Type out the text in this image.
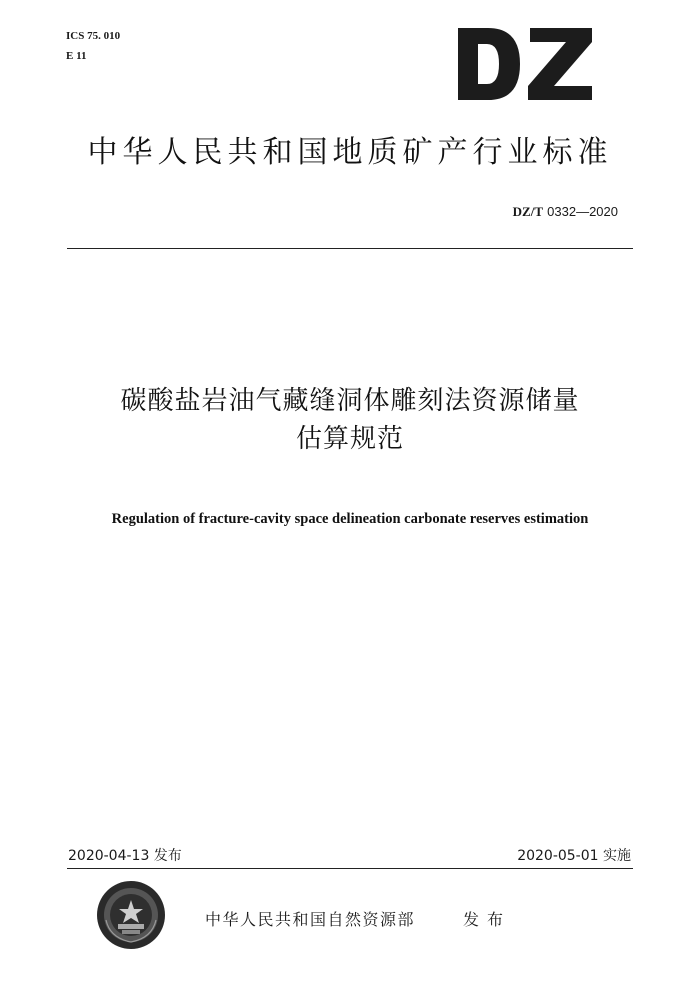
ICS 75. 010
E 11
中华人民共和国地质矿产行业标准
DZ/T 0332—2020
碳酸盐岩油气藏缝洞体雕刻法资源储量
估算规范
Regulation of fracture-cavity space delineation carbonate reserves estimation
2020-04-13 发布	2020-05-01 实施
中华人民共和国自然资源部	发布
